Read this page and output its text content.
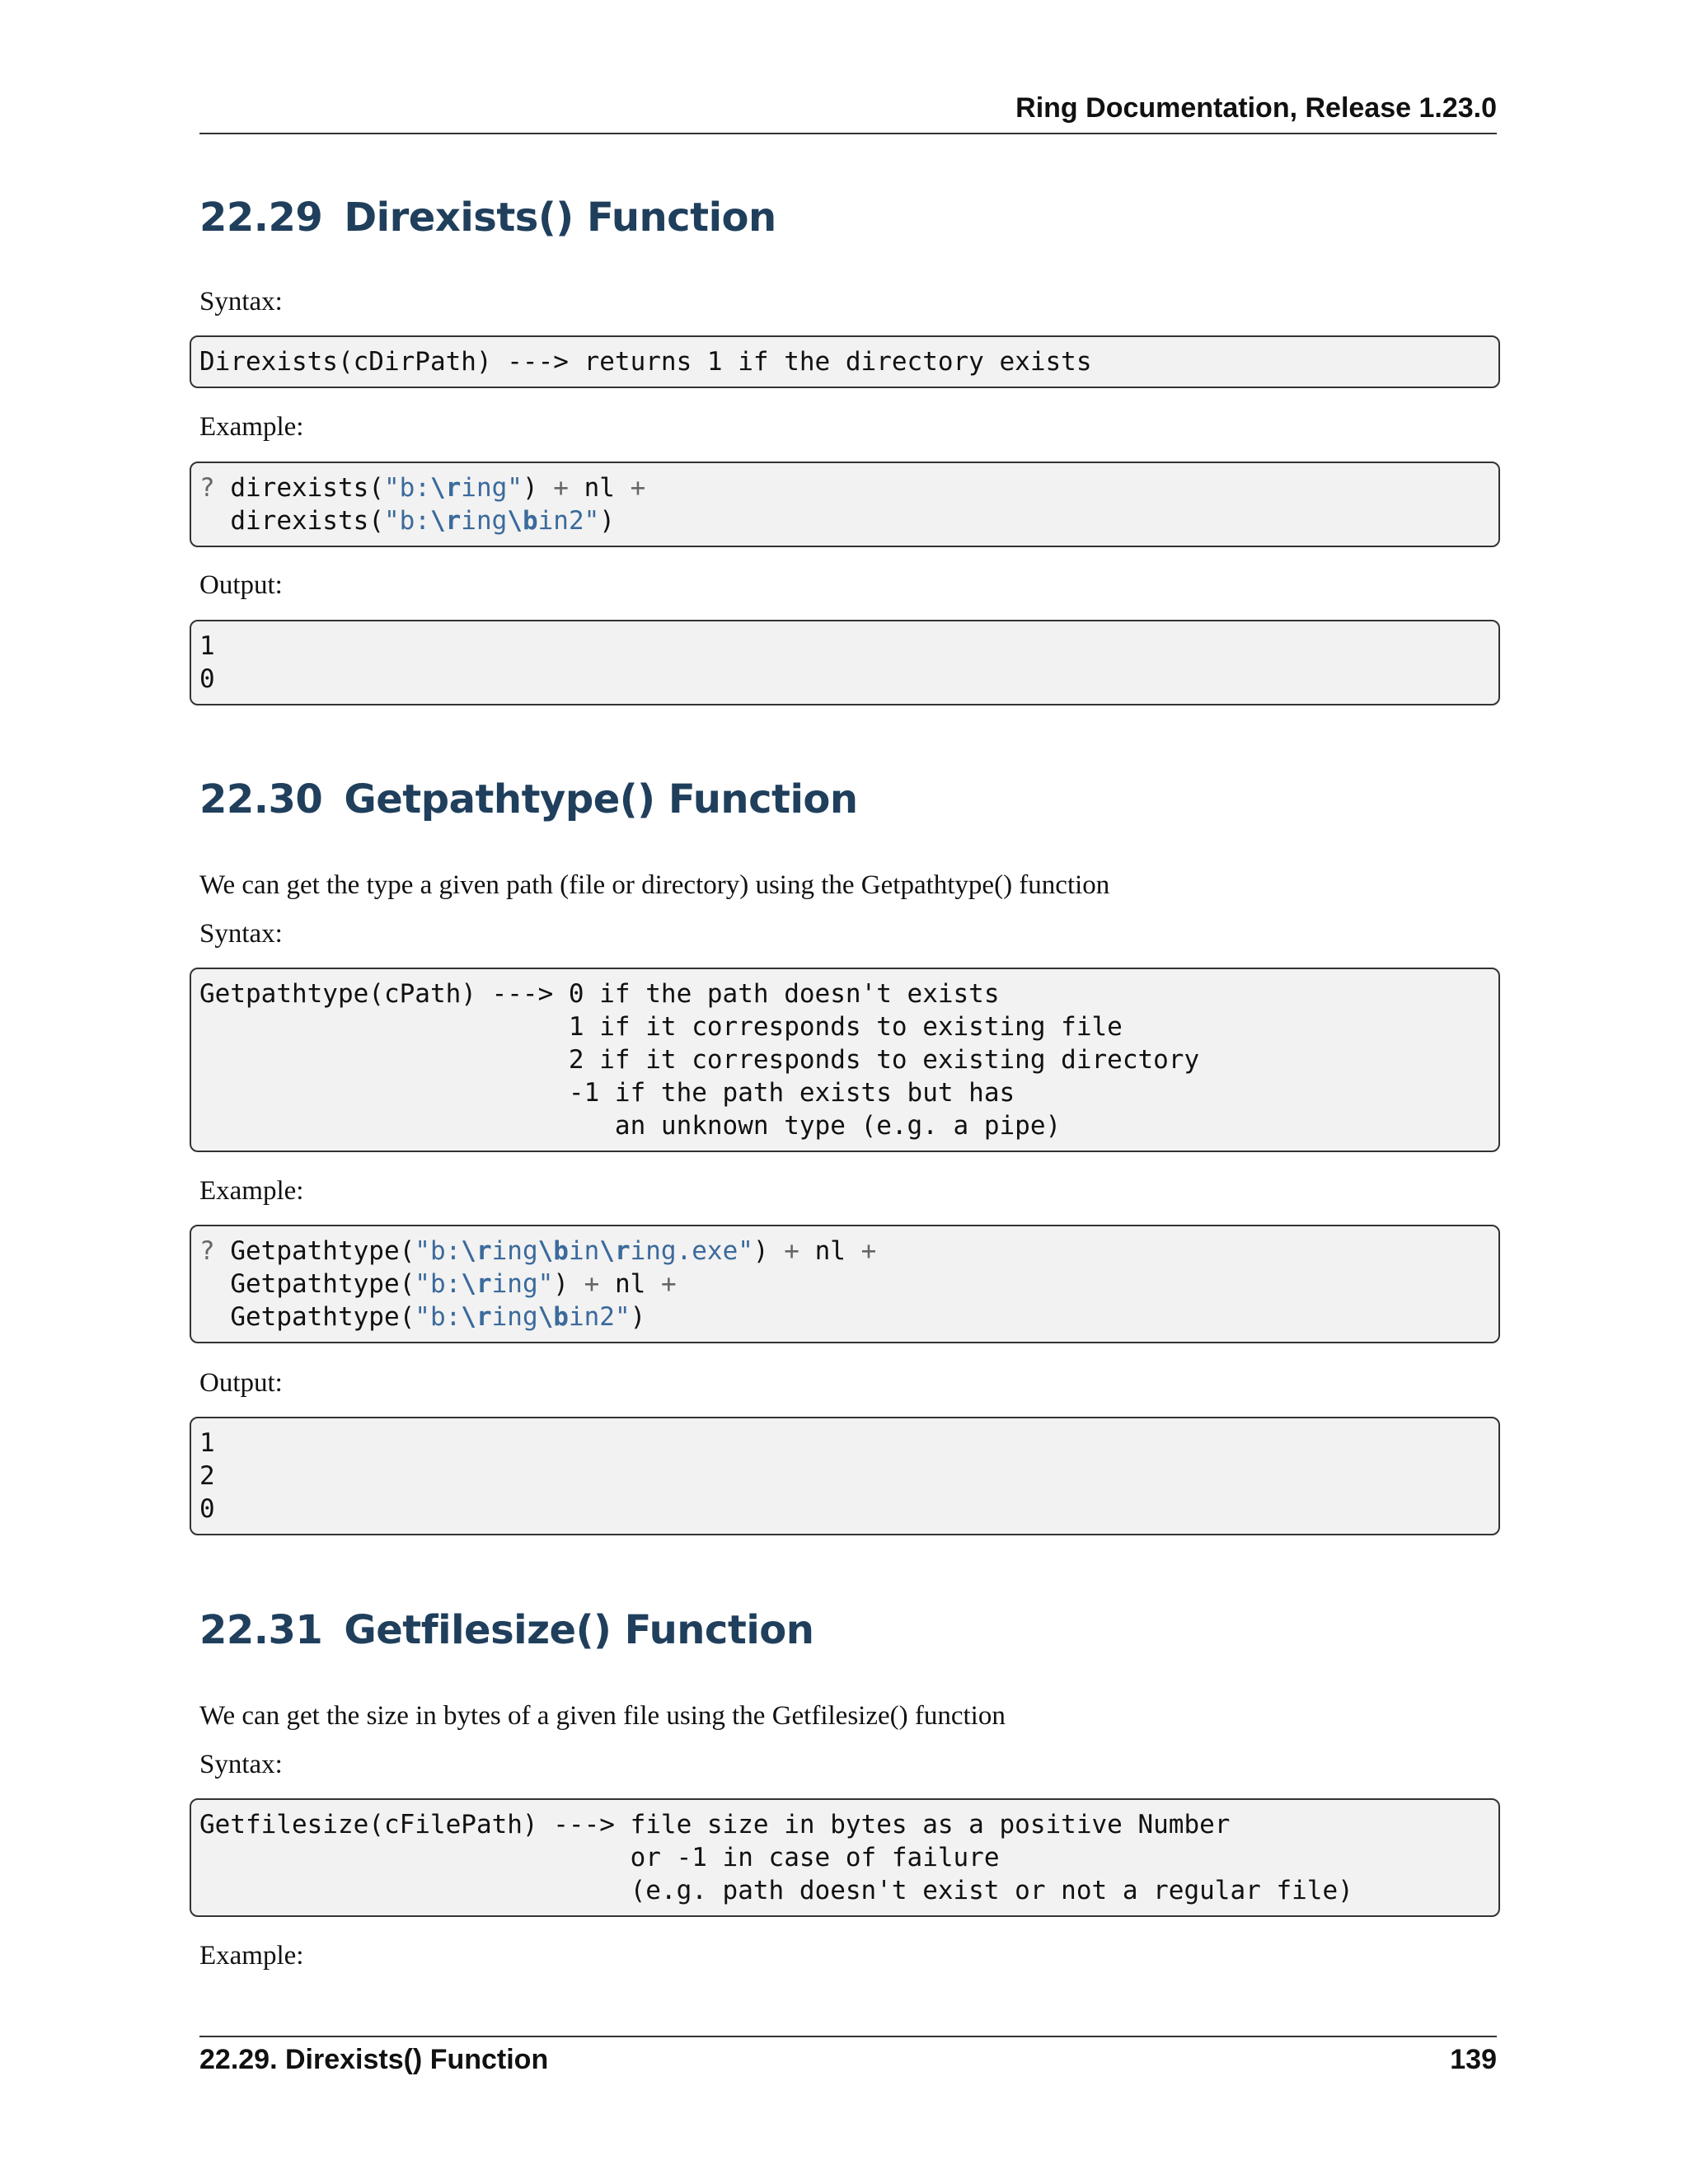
Ring Documentation, Release 1.23.0
22.29 Direxists() Function

Syntax:

Direxists(cDirPath) ---> returns 1 if the directory exists

Example:

? direxists("b:\ring") + nl +
direxists("b:\ring\bin2")

Output:

1
0
22.30 Getpathtype() Function

We can get the type a given path (file or directory) using the Getpathtype() function

Syntax:

Getpathtype(cPath) ---> 0 if the path doesn't exists
1 if it corresponds to existing file
2 if it corresponds to existing directory
-1 if the path exists but has
an unknown type (e.g. a pipe)

Example:

? Getpathtype("b:\ring\bin\ring.exe") + nl +
Getpathtype("b:\ring") + nl +
Getpathtype("b:\ring\bin2")

Output:

1
2
0
22.31 Getfilesize() Function

We can get the size in bytes of a given file using the Getfilesize() function

Syntax:

Getfilesize(cFilePath) ---> file size in bytes as a positive Number
or -1 in case of failure
(e.g. path doesn't exist or not a regular file)

Example:

22.29. Direxists() Function	139
